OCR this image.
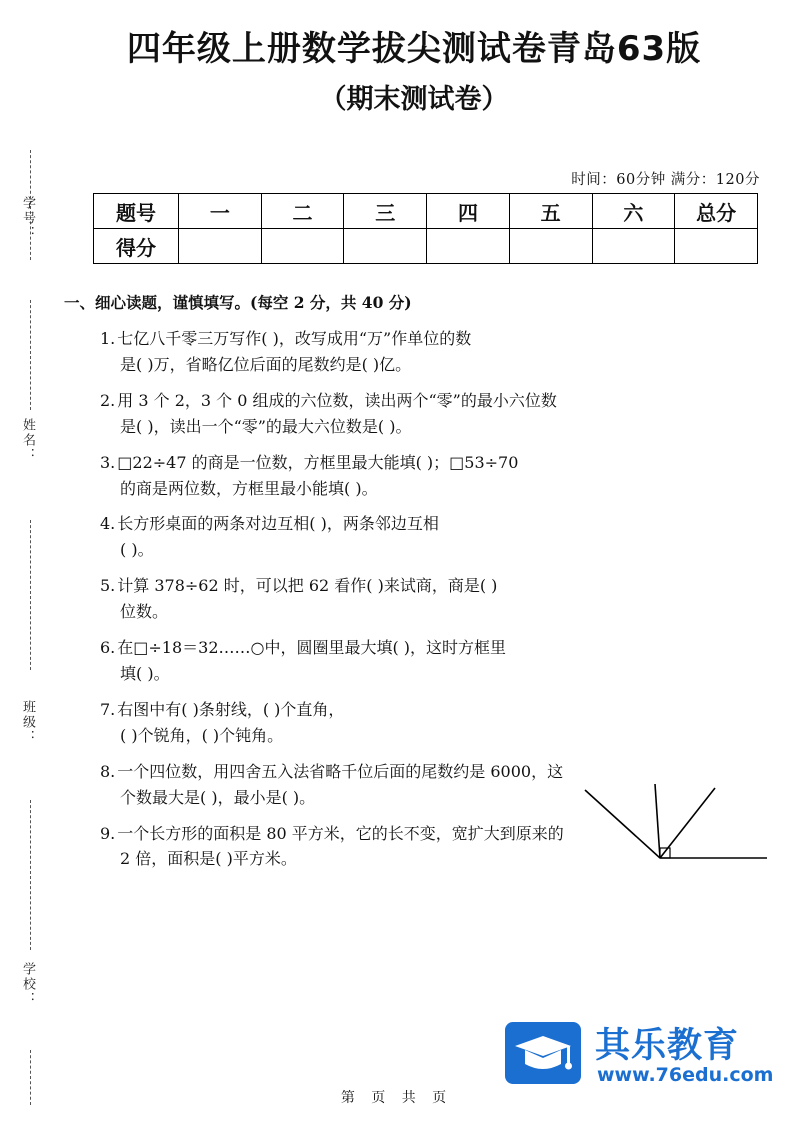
学号：
姓名：
班级：
学校：
四年级上册数学拔尖测试卷青岛63版
（期末测试卷）
时间：60分钟 满分：120分
题号	一	二	三	四	五	六	总分
得分							
一、细心读题，谨慎填写。(每空 2 分，共 40 分)
1. 七亿八千零三万写作( )，改写成用“万”作单位的数
是( )万，省略亿位后面的尾数约是( )亿。
2. 用 3 个 2，3 个 0 组成的六位数，读出两个“零”的最小六位数
是( )，读出一个“零”的最大六位数是( )。
3. □22÷47 的商是一位数，方框里最大能填( )；□53÷70
的商是两位数，方框里最小能填( )。
4. 长方形桌面的两条对边互相( )，两条邻边互相
( )。
5. 计算 378÷62 时，可以把 62 看作( )来试商，商是( )
位数。
6. 在□÷18＝32……○中，圆圈里最大填( )，这时方框里
填( )。
7. 右图中有( )条射线，( )个直角，
( )个锐角，( )个钝角。
8. 一个四位数，用四舍五入法省略千位后面的尾数约是 6000，这
个数最大是( )，最小是( )。
9. 一个长方形的面积是 80 平方米，它的长不变，宽扩大到原来的
2 倍，面积是( )平方米。
第 页 共 页
其乐教育
www.76edu.com
